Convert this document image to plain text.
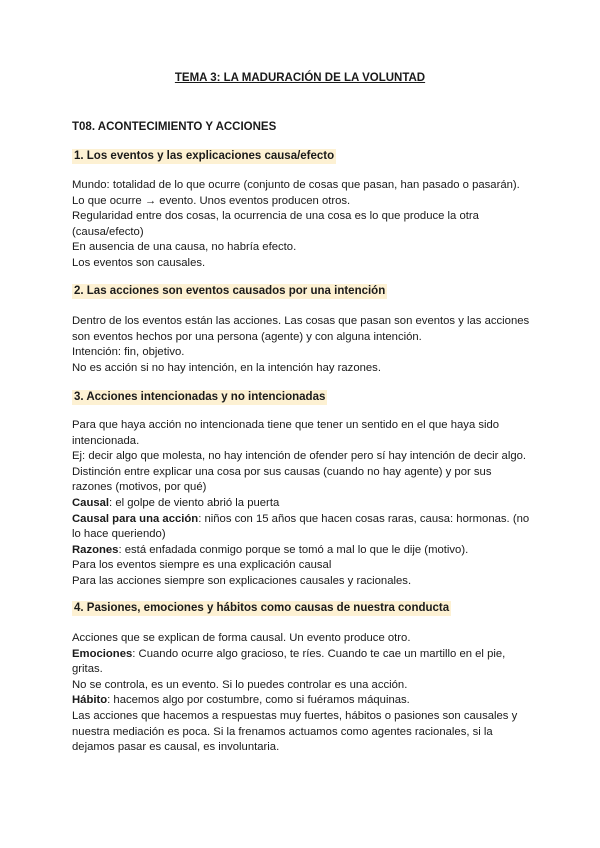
TEMA 3: LA MADURACIÓN DE LA VOLUNTAD
T08. ACONTECIMIENTO Y ACCIONES
1. Los eventos y las explicaciones causa/efecto

Mundo: totalidad de lo que ocurre (conjunto de cosas que pasan, han pasado o pasarán).

Lo que ocurre → evento. Unos eventos producen otros.

Regularidad entre dos cosas, la ocurrencia de una cosa es lo que produce la otra (causa/efecto)

En ausencia de una causa, no habría efecto.

Los eventos son causales.

2. Las acciones son eventos causados por una intención

Dentro de los eventos están las acciones. Las cosas que pasan son eventos y las acciones son eventos hechos por una persona (agente) y con alguna intención.

Intención: fin, objetivo.

No es acción si no hay intención, en la intención hay razones.

3. Acciones intencionadas y no intencionadas

Para que haya acción no intencionada tiene que tener un sentido en el que haya sido intencionada.

Ej: decir algo que molesta, no hay intención de ofender pero sí hay intención de decir algo.

Distinción entre explicar una cosa por sus causas (cuando no hay agente) y por sus razones (motivos, por qué)

Causal: el golpe de viento abrió la puerta

Causal para una acción: niños con 15 años que hacen cosas raras, causa: hormonas. (no lo hace queriendo)

Razones: está enfadada conmigo porque se tomó a mal lo que le dije (motivo).

Para los eventos siempre es una explicación causal

Para las acciones siempre son explicaciones causales y racionales.

4. Pasiones, emociones y hábitos como causas de nuestra conducta

Acciones que se explican de forma causal. Un evento produce otro.

Emociones: Cuando ocurre algo gracioso, te ríes. Cuando te cae un martillo en el pie, gritas.

No se controla, es un evento. Si lo puedes controlar es una acción.

Hábito: hacemos algo por costumbre, como si fuéramos máquinas.

Las acciones que hacemos a respuestas muy fuertes, hábitos o pasiones son causales y nuestra mediación es poca. Si la frenamos actuamos como agentes racionales, si la dejamos pasar es causal, es involuntaria.
